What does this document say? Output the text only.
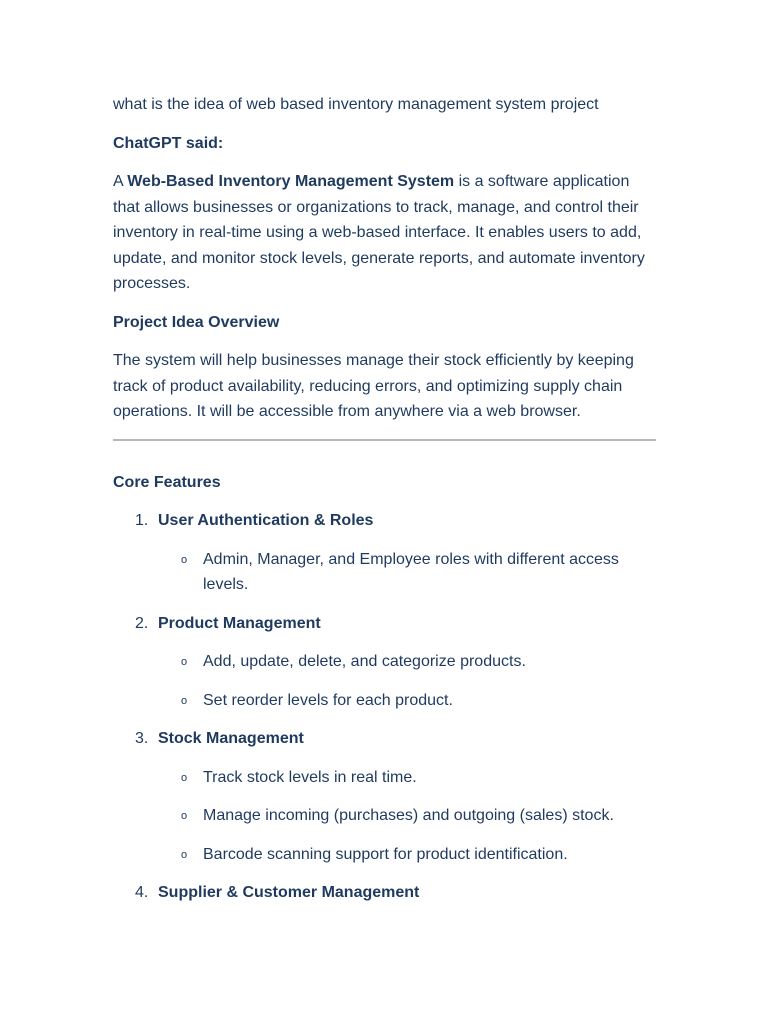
what is the idea of web based inventory management system project

ChatGPT said:

A Web-Based Inventory Management System is a software application that allows businesses or organizations to track, manage, and control their inventory in real-time using a web-based interface. It enables users to add, update, and monitor stock levels, generate reports, and automate inventory processes.

Project Idea Overview

The system will help businesses manage their stock efficiently by keeping track of product availability, reducing errors, and optimizing supply chain operations. It will be accessible from anywhere via a web browser.

Core Features

1. User Authentication & Roles
o Admin, Manager, and Employee roles with different access levels.
2. Product Management
o Add, update, delete, and categorize products.
o Set reorder levels for each product.
3. Stock Management
o Track stock levels in real time.
o Manage incoming (purchases) and outgoing (sales) stock.
o Barcode scanning support for product identification.
4. Supplier & Customer Management
